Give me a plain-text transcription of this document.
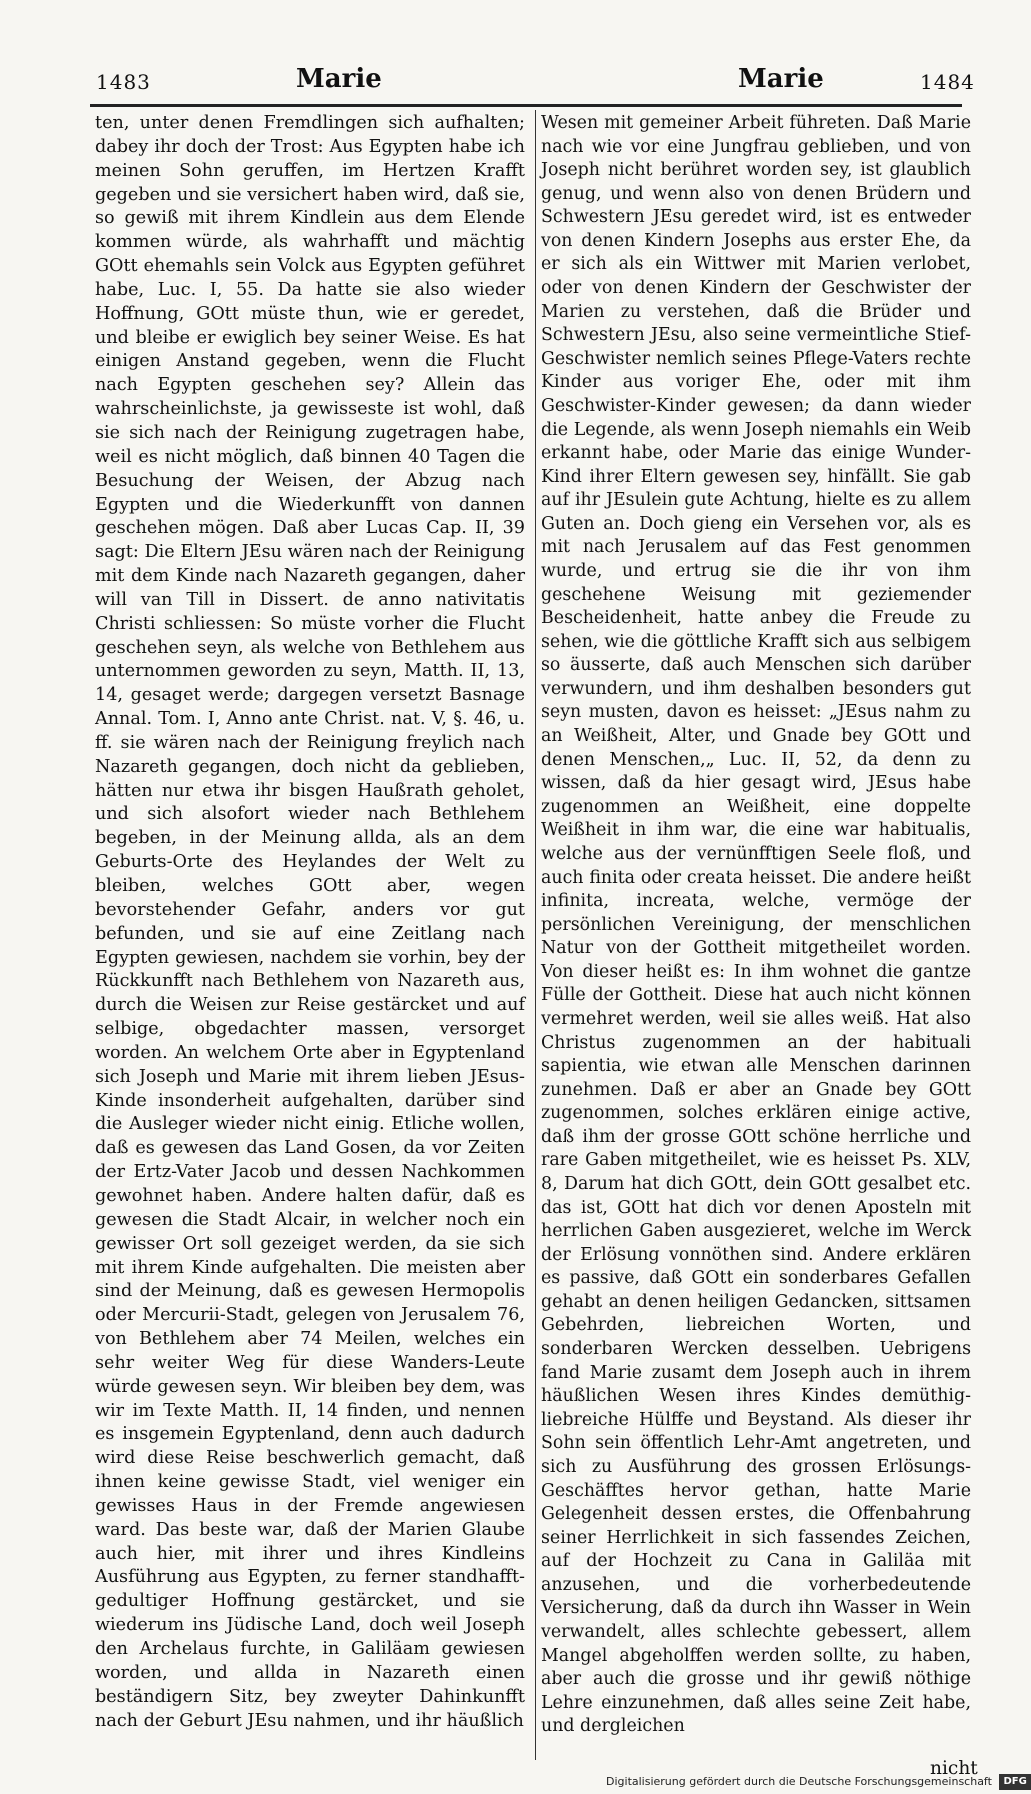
1483	Marie	Marie	1484

ten, unter denen Fremdlingen sich aufhalten; dabey ihr doch der Trost: Aus Egypten habe ich meinen Sohn geruffen, im Hertzen Krafft gegeben und sie versichert haben wird, daß sie, so gewiß mit ihrem Kindlein aus dem Elende kommen würde, als wahrhafft und mächtig GOtt ehemahls sein Volck aus Egypten geführet habe, Luc. I, 55. Da hatte sie also wieder Hoffnung, GOtt müste thun, wie er geredet, und bleibe er ewiglich bey seiner Weise. Es hat einigen Anstand gegeben, wenn die Flucht nach Egypten geschehen sey? Allein das wahrscheinlichste, ja gewisseste ist wohl, daß sie sich nach der Reinigung zugetragen habe, weil es nicht möglich, daß binnen 40 Tagen die Besuchung der Weisen, der Abzug nach Egypten und die Wiederkunfft von dannen geschehen mögen. Daß aber Lucas Cap. II, 39 sagt: Die Eltern JEsu wären nach der Reinigung mit dem Kinde nach Nazareth gegangen, daher will van Till in Dissert. de anno nativitatis Christi schliessen: So müste vorher die Flucht geschehen seyn, als welche von Bethlehem aus unternommen geworden zu seyn, Matth. II, 13, 14, gesaget werde; dargegen versetzt Basnage Annal. Tom. I, Anno ante Christ. nat. V, §. 46, u. ff. sie wären nach der Reinigung freylich nach Nazareth gegangen, doch nicht da geblieben, hätten nur etwa ihr bisgen Haußrath geholet, und sich alsofort wieder nach Bethlehem begeben, in der Meinung allda, als an dem Geburts-Orte des Heylandes der Welt zu bleiben, welches GOtt aber, wegen bevorstehender Gefahr, anders vor gut befunden, und sie auf eine Zeitlang nach Egypten gewiesen, nachdem sie vorhin, bey der Rückkunfft nach Bethlehem von Nazareth aus, durch die Weisen zur Reise gestärcket und auf selbige, obgedachter massen, versorget worden. An welchem Orte aber in Egyptenland sich Joseph und Marie mit ihrem lieben JEsus-Kinde insonderheit aufgehalten, darüber sind die Ausleger wieder nicht einig. Etliche wollen, daß es gewesen das Land Gosen, da vor Zeiten der Ertz-Vater Jacob und dessen Nachkommen gewohnet haben. Andere halten dafür, daß es gewesen die Stadt Alcair, in welcher noch ein gewisser Ort soll gezeiget werden, da sie sich mit ihrem Kinde aufgehalten. Die meisten aber sind der Meinung, daß es gewesen Hermopolis oder Mercurii-Stadt, gelegen von Jerusalem 76, von Bethlehem aber 74 Meilen, welches ein sehr weiter Weg für diese Wanders-Leute würde gewesen seyn. Wir bleiben bey dem, was wir im Texte Matth. II, 14 finden, und nennen es insgemein Egyptenland, denn auch dadurch wird diese Reise beschwerlich gemacht, daß ihnen keine gewisse Stadt, viel weniger ein gewisses Haus in der Fremde angewiesen ward. Das beste war, daß der Marien Glaube auch hier, mit ihrer und ihres Kindleins Ausführung aus Egypten, zu ferner standhafft-gedultiger Hoffnung gestärcket, und sie wiederum ins Jüdische Land, doch weil Joseph den Archelaus furchte, in Galiläam gewiesen worden, und allda in Nazareth einen beständigern Sitz, bey zweyter Dahinkunfft nach der Geburt JEsu nahmen, und ihr häußlich

Wesen mit gemeiner Arbeit führeten. Daß Marie nach wie vor eine Jungfrau geblieben, und von Joseph nicht berühret worden sey, ist glaublich genug, und wenn also von denen Brüdern und Schwestern JEsu geredet wird, ist es entweder von denen Kindern Josephs aus erster Ehe, da er sich als ein Wittwer mit Marien verlobet, oder von denen Kindern der Geschwister der Marien zu verstehen, daß die Brüder und Schwestern JEsu, also seine vermeintliche Stief-Geschwister nemlich seines Pflege-Vaters rechte Kinder aus voriger Ehe, oder mit ihm Geschwister-Kinder gewesen; da dann wieder die Legende, als wenn Joseph niemahls ein Weib erkannt habe, oder Marie das einige Wunder-Kind ihrer Eltern gewesen sey, hinfällt. Sie gab auf ihr JEsulein gute Achtung, hielte es zu allem Guten an. Doch gieng ein Versehen vor, als es mit nach Jerusalem auf das Fest genommen wurde, und ertrug sie die ihr von ihm geschehene Weisung mit geziemender Bescheidenheit, hatte anbey die Freude zu sehen, wie die göttliche Krafft sich aus selbigem so äusserte, daß auch Menschen sich darüber verwundern, und ihm deshalben besonders gut seyn musten, davon es heisset: „JEsus nahm zu an Weißheit, Alter, und Gnade bey GOtt und denen Menschen,„ Luc. II, 52, da denn zu wissen, daß da hier gesagt wird, JEsus habe zugenommen an Weißheit, eine doppelte Weißheit in ihm war, die eine war habitualis, welche aus der vernünfftigen Seele floß, und auch finita oder creata heisset. Die andere heißt infinita, increata, welche, vermöge der persönlichen Vereinigung, der menschlichen Natur von der Gottheit mitgetheilet worden. Von dieser heißt es: In ihm wohnet die gantze Fülle der Gottheit. Diese hat auch nicht können vermehret werden, weil sie alles weiß. Hat also Christus zugenommen an der habituali sapientia, wie etwan alle Menschen darinnen zunehmen. Daß er aber an Gnade bey GOtt zugenommen, solches erklären einige active, daß ihm der grosse GOtt schöne herrliche und rare Gaben mitgetheilet, wie es heisset Ps. XLV, 8, Darum hat dich GOtt, dein GOtt gesalbet etc. das ist, GOtt hat dich vor denen Aposteln mit herrlichen Gaben ausgezieret, welche im Werck der Erlösung vonnöthen sind. Andere erklären es passive, daß GOtt ein sonderbares Gefallen gehabt an denen heiligen Gedancken, sittsamen Gebehrden, liebreichen Worten, und sonderbaren Wercken desselben. Uebrigens fand Marie zusamt dem Joseph auch in ihrem häußlichen Wesen ihres Kindes demüthig-liebreiche Hülffe und Beystand. Als dieser ihr Sohn sein öffentlich Lehr-Amt angetreten, und sich zu Ausführung des grossen Erlösungs-Geschäfftes hervor gethan, hatte Marie Gelegenheit dessen erstes, die Offenbahrung seiner Herrlichkeit in sich fassendes Zeichen, auf der Hochzeit zu Cana in Galiläa mit anzusehen, und die vorherbedeutende Versicherung, daß da durch ihn Wasser in Wein verwandelt, alles schlechte gebessert, allem Mangel abgeholffen werden sollte, zu haben, aber auch die grosse und ihr gewiß nöthige Lehre einzunehmen, daß alles seine Zeit habe, und dergleichen

nicht
Digitalisierung gefördert durch die Deutsche Forschungsgemeinschaft DFG
